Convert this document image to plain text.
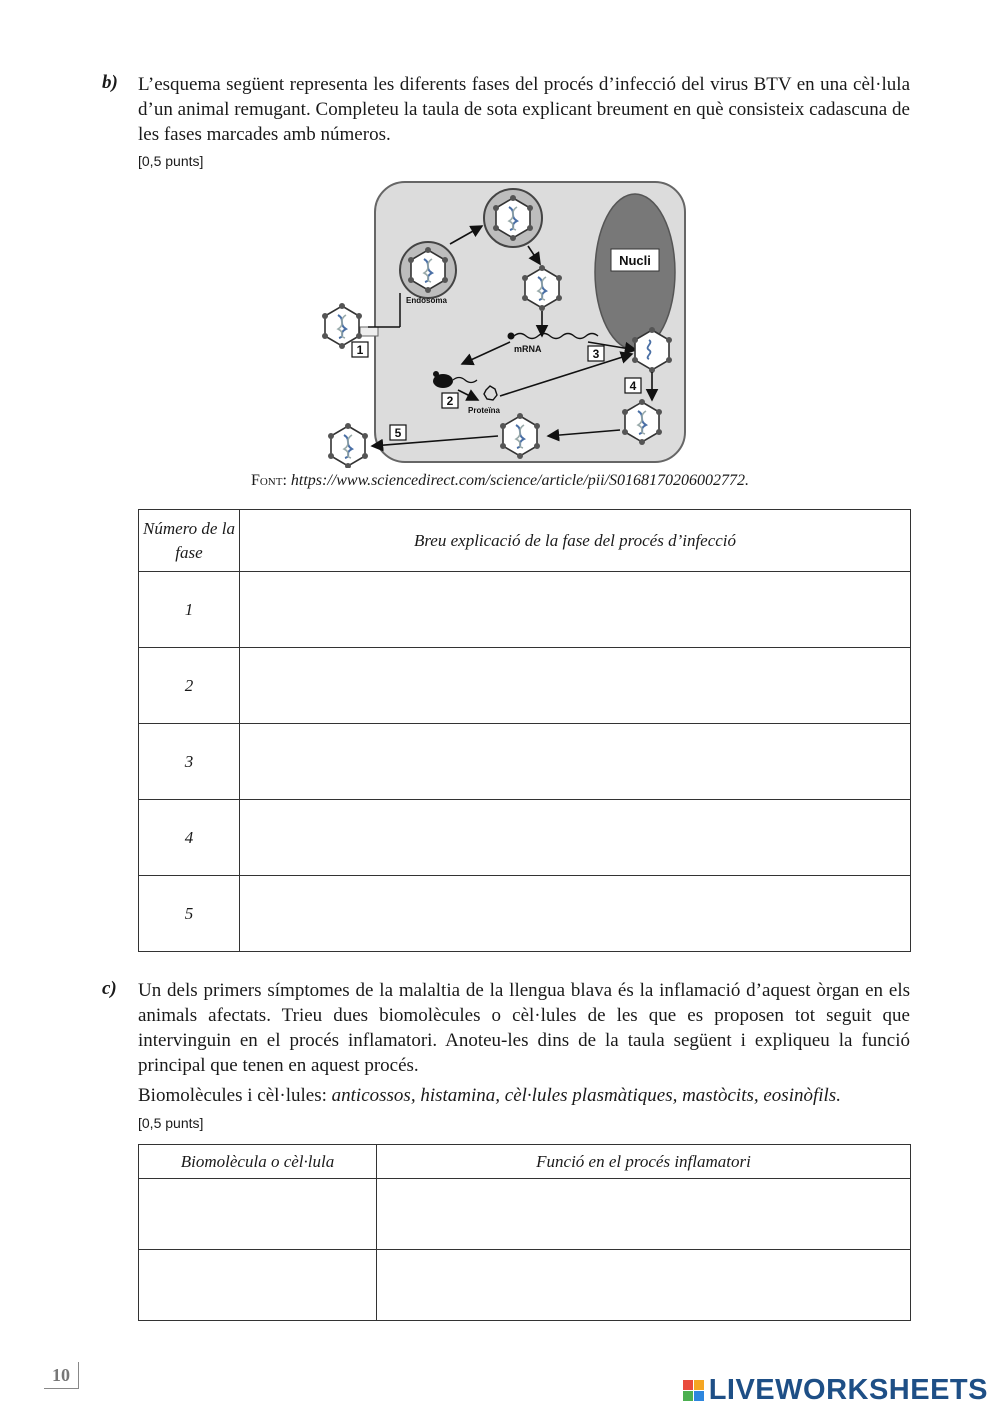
b) L’esquema següent representa les diferents fases del procés d’infecció del virus BTV en una cèl·lula d’un animal remugant. Completeu la taula de sota explicant breument en què consisteix cadascuna de les fases marcades amb números.

[0,5 punts]
Nucli
Endosoma
mRNA
Proteïna
1
2
3
4
5
Font: https://www.sciencedirect.com/science/article/pii/S0168170206002772.
Número de la fase	Breu explicació de la fase del procés d’infecció
1	
2	
3	
4	
5	
c) Un dels primers símptomes de la malaltia de la llengua blava és la inflamació d’aquest òrgan en els animals afectats. Trieu dues biomolècules o cèl·lules de les que es proposen tot seguit que intervinguin en el procés inflamatori. Anoteu-les dins de la taula següent i expliqueu la funció principal que tenen en aquest procés.

Biomolècules i cèl·lules: anticossos, histamina, cèl·lules plasmàtiques, mastòcits, eosinòfils.

[0,5 punts]
Biomolècula o cèl·lula	Funció en el procés inflamatori

10	LIVEWORKSHEETS
